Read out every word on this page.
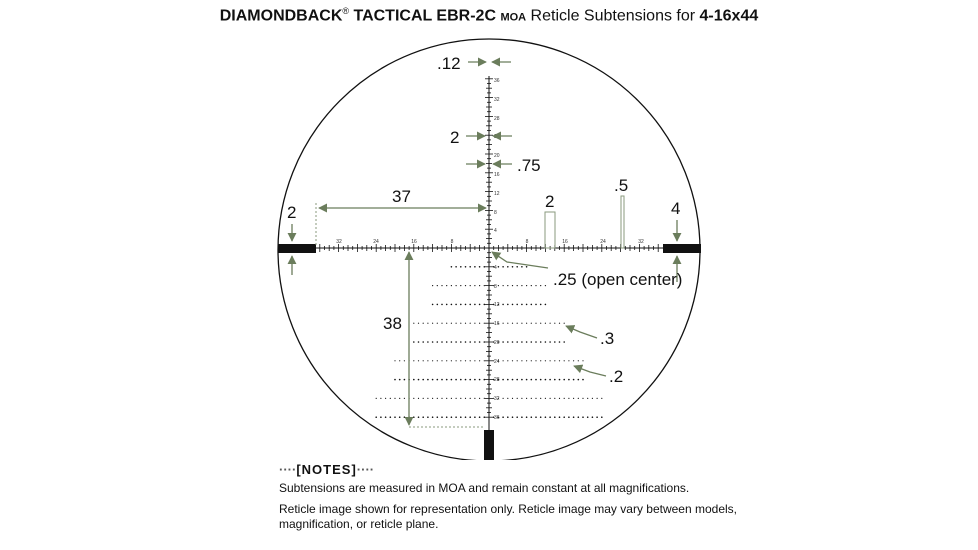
DIAMONDBACK® TACTICAL EBR-2C MOA Reticle Subtensions for 4-16x44
36
32
28
24
20
16
12
8
4
32	24	16	8	8	16	24	32
4
8
12
16
20
24
28
32
36
.12
2
.75
37
2	4
2
.5
.25 (open center)
38
.3
.2
····[NOTES]····

Subtensions are measured in MOA and remain constant at all magnifications.

Reticle image shown for representation only. Reticle image may vary between models, magnification, or reticle plane.
